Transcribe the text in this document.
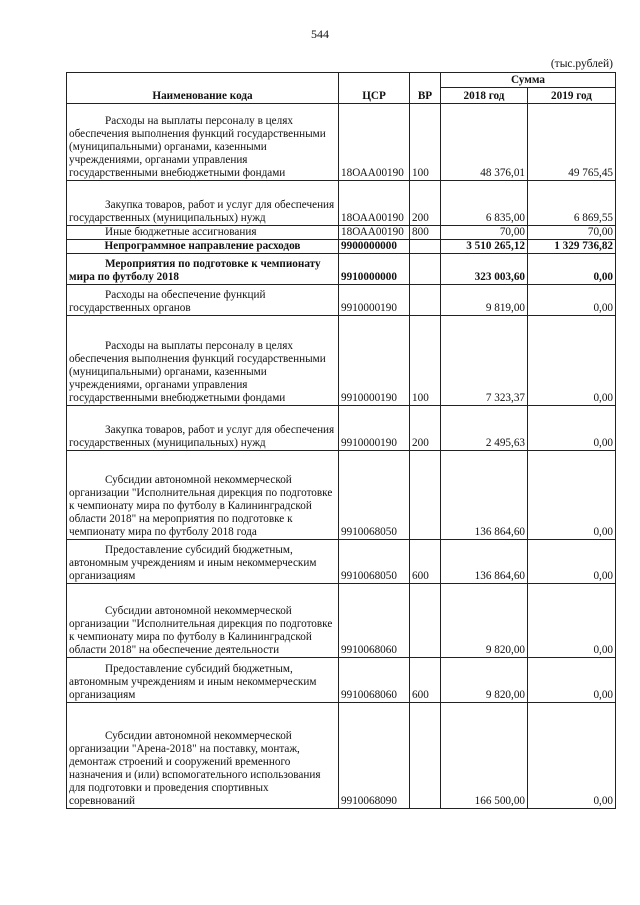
544
(тыс.рублей)
Наименование кода	ЦСР	ВР	Сумма	
			2018 год	2019 год
Расходы на выплаты персоналу в целях обеспечения выполнения функций государственными (муниципальными) органами, казенными учреждениями, органами управления государственными внебюджетными фондами	18ОАА00190	100	48 376,01	49 765,45
Закупка товаров, работ и услуг для обеспечения государственных (муниципальных) нужд	18ОАА00190	200	6 835,00	6 869,55
Иные бюджетные ассигнования	18ОАА00190	800	70,00	70,00
Непрограммное направление расходов	9900000000		3 510 265,12	1 329 736,82
Мероприятия по подготовке к чемпионату мира по футболу 2018	9910000000		323 003,60	0,00
Расходы на обеспечение функций государственных органов	9910000190		9 819,00	0,00
Расходы на выплаты персоналу в целях обеспечения выполнения функций государственными (муниципальными) органами, казенными учреждениями, органами управления государственными внебюджетными фондами	9910000190	100	7 323,37	0,00
Закупка товаров, работ и услуг для обеспечения государственных (муниципальных) нужд	9910000190	200	2 495,63	0,00
Субсидии автономной некоммерческой организации "Исполнительная дирекция по подготовке к чемпионату мира по футболу в Калининградской области 2018" на мероприятия по подготовке к чемпионату мира по футболу 2018 года	9910068050		136 864,60	0,00
Предоставление субсидий бюджетным, автономным учреждениям и иным некоммерческим организациям	9910068050	600	136 864,60	0,00
Субсидии автономной некоммерческой организации "Исполнительная дирекция по подготовке к чемпионату мира по футболу в Калининградской области 2018" на обеспечение деятельности	9910068060		9 820,00	0,00
Предоставление субсидий бюджетным, автономным учреждениям и иным некоммерческим организациям	9910068060	600	9 820,00	0,00
Субсидии автономной некоммерческой организации "Арена-2018" на поставку, монтаж, демонтаж строений и сооружений временного назначения и (или) вспомогательного использования для подготовки и проведения спортивных соревнований	9910068090		166 500,00	0,00
